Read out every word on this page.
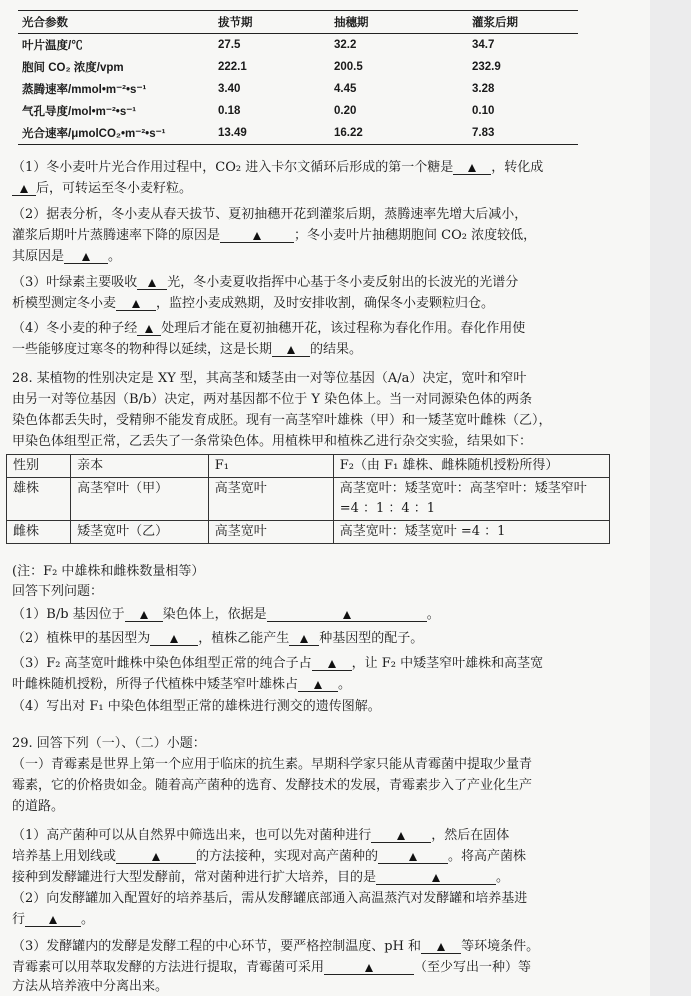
光合参数	拔节期	抽穗期	灌浆后期
叶片温度/℃	27.5	32.2	34.7
胞间 CO₂ 浓度/vpm	222.1	200.5	232.9
蒸腾速率/mmol•m⁻²•s⁻¹	3.40	4.45	3.28
气孔导度/mol•m⁻²•s⁻¹	0.18	0.20	0.10
光合速率/μmolCO₂•m⁻²•s⁻¹	13.49	16.22	7.83

（1）冬小麦叶片光合作用过程中，CO₂ 进入卡尔文循环后形成的第一个糖是	，转化成

后，可转运至冬小麦籽粒。

（2）据表分析，冬小麦从春天拔节、夏初抽穗开花到灌浆后期，蒸腾速率先增大后减小，

灌浆后期叶片蒸腾速率下降的原因是	；冬小麦叶片抽穗期胞间 CO₂ 浓度较低，

其原因是	。

（3）叶绿素主要吸收 光，冬小麦夏收指挥中心基于冬小麦反射出的长波光的光谱分

析模型测定冬小麦	，监控小麦成熟期，及时安排收割，确保冬小麦颗粒归仓。

（4）冬小麦的种子经 处理后才能在夏初抽穗开花，该过程称为春化作用。春化作用使

一些能够度过寒冬的物种得以延续，这是长期	的结果。

28. 某植物的性别决定是 XY 型，其高茎和矮茎由一对等位基因（A/a）决定，宽叶和窄叶

由另一对等位基因（B/b）决定，两对基因都不位于 Y 染色体上。当一对同源染色体的两条

染色体都丢失时，受精卵不能发育成胚。现有一高茎窄叶雄株（甲）和一矮茎宽叶雌株（乙），

甲染色体组型正常，乙丢失了一条常染色体。用植株甲和植株乙进行杂交实验，结果如下：

性别	亲本	F₁	F₂（由 F₁ 雄株、雌株随机授粉所得）
雄株	高茎窄叶（甲）	高茎宽叶	高茎宽叶：矮茎宽叶：高茎窄叶：矮茎窄叶 =4 ：1 ：4 ：1
雌株	矮茎宽叶（乙）	高茎宽叶	高茎宽叶：矮茎宽叶 =4 ：1

(注：F₂ 中雄株和雌株数量相等）

回答下列问题：

（1）B/b 基因位于	染色体上，依据是	。

（2）植株甲的基因型为	，植株乙能产生 种基因型的配子。

（3）F₂ 高茎宽叶雌株中染色体组型正常的纯合子占	，让 F₂ 中矮茎窄叶雄株和高茎宽

叶雌株随机授粉，所得子代植株中矮茎窄叶雄株占	。

（4）写出对 F₁ 中染色体组型正常的雄株进行测交的遗传图解。

29. 回答下列（一）、（二）小题：

（一）青霉素是世界上第一个应用于临床的抗生素。早期科学家只能从青霉菌中提取少量青

霉素，它的价格贵如金。随着高产菌种的选育、发酵技术的发展，青霉素步入了产业化生产

的道路。

（1）高产菌种可以从自然界中筛选出来，也可以先对菌种进行	，然后在固体

培养基上用划线或	的方法接种，实现对高产菌种的	。将高产菌株

接种到发酵罐进行大型发酵前，常对菌种进行扩大培养，目的是	。

（2）向发酵罐加入配置好的培养基后，需从发酵罐底部通入高温蒸汽对发酵罐和培养基进

行	。

（3）发酵罐内的发酵是发酵工程的中心环节，要严格控制温度、pH 和	等环境条件。

青霉素可以用萃取发酵的方法进行提取，青霉菌可采用	（至少写出一种）等

方法从培养液中分离出来。
